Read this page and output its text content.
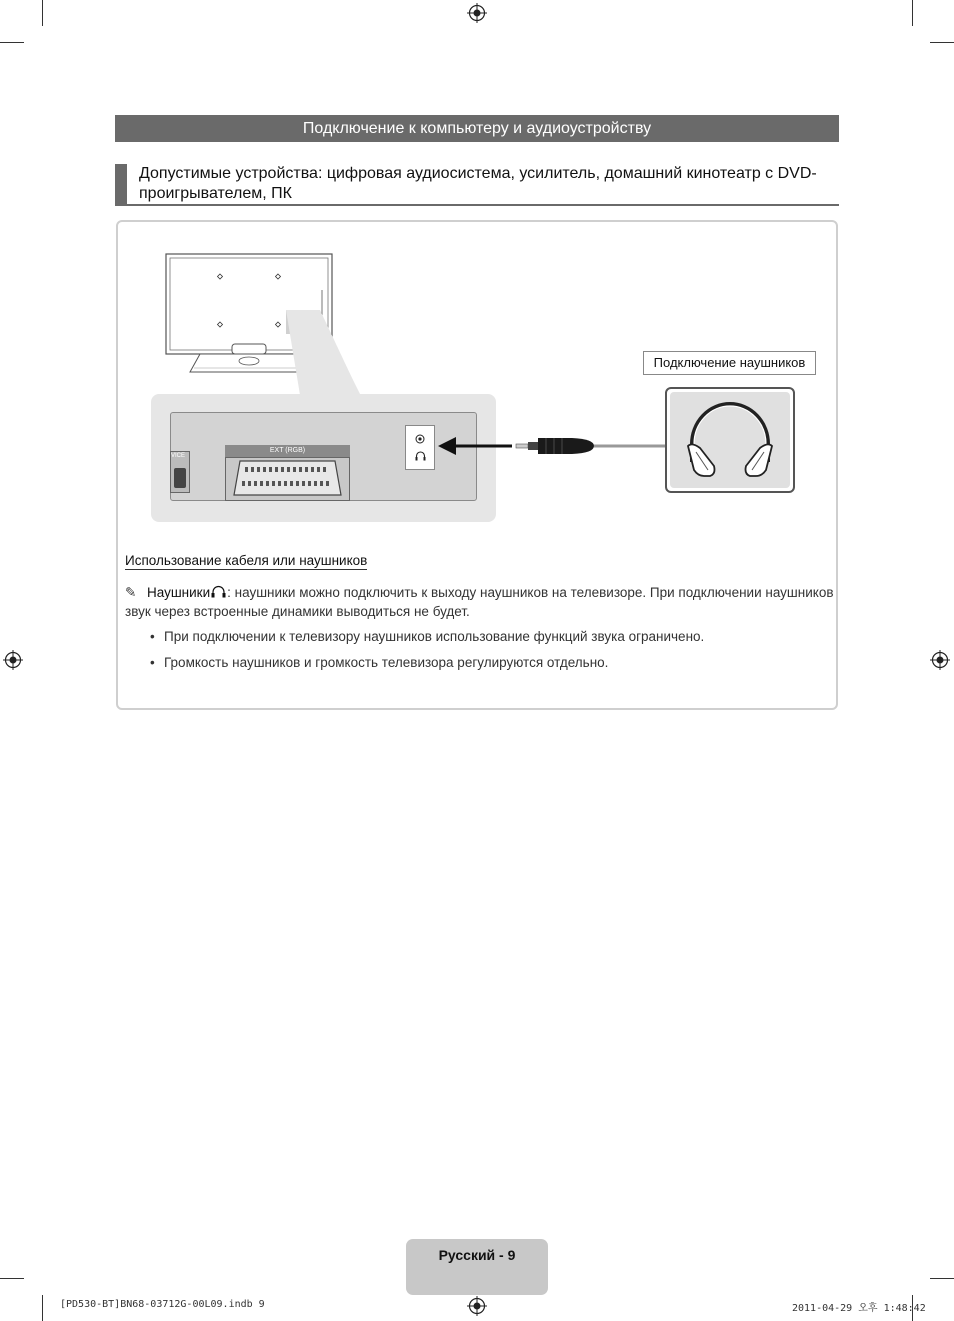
Подключение к компьютеру и аудиоустройству
Допустимые устройства: цифровая аудиосистема, усилитель, домашний кинотеатр с DVD-проигрывателем, ПК
VICE
EXT (RGB)
Подключение наушников
Использование кабеля или наушников
✎ Наушники : наушники можно подключить к выходу наушников на телевизоре. При подключении наушников звук через встроенные динамики выводиться не будет.
• При подключении к телевизору наушников использование функций звука ограничено.
• Громкость наушников и громкость телевизора регулируются отдельно.
Русский - 9
[PD530-BT]BN68-03712G-00L09.indb 9	2011-04-29 오후 1:48:42
